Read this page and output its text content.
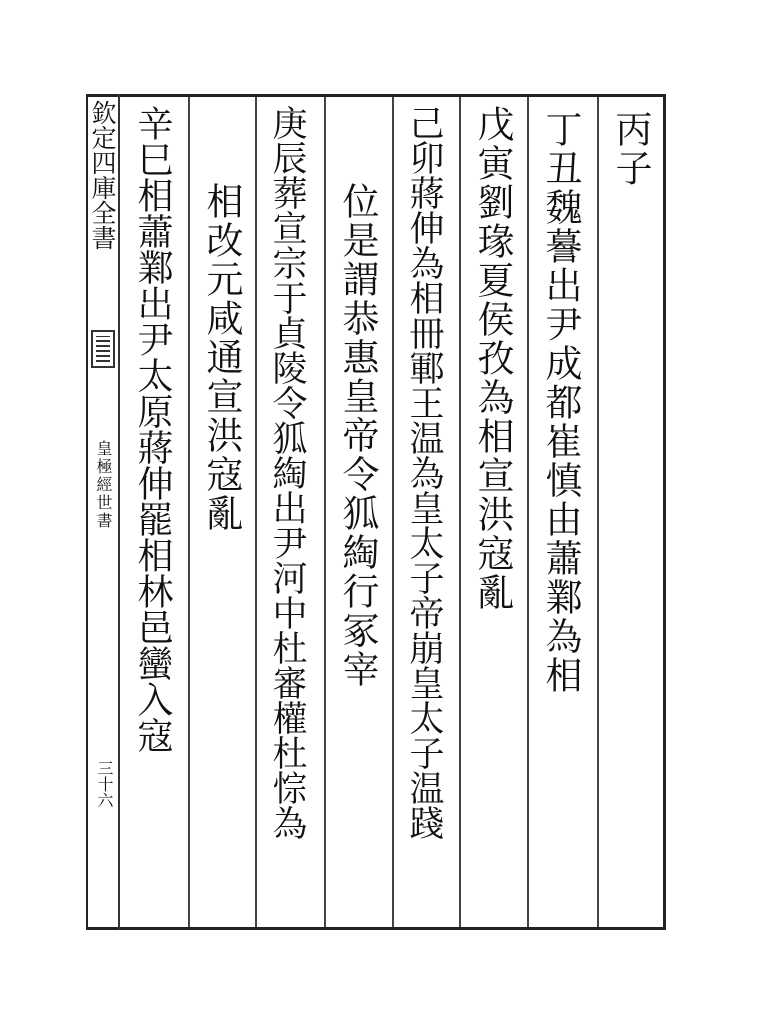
欽定四庫全書
皇極經世書
三十六
丙子
丁丑魏謩出尹成都崔慎由蕭鄴為相
戊寅劉瑑夏侯孜為相宣洪寇亂
己卯蔣伸為相冊鄆王温為皇太子帝崩皇太子温踐
位是謂恭惠皇帝令狐綯行冢宰
庚辰葬宣宗于貞陵令狐綯出尹河中杜審權杜悰為
相改元咸通宣洪寇亂
辛巳相蕭鄴出尹太原蔣伸罷相林邑蠻入寇
